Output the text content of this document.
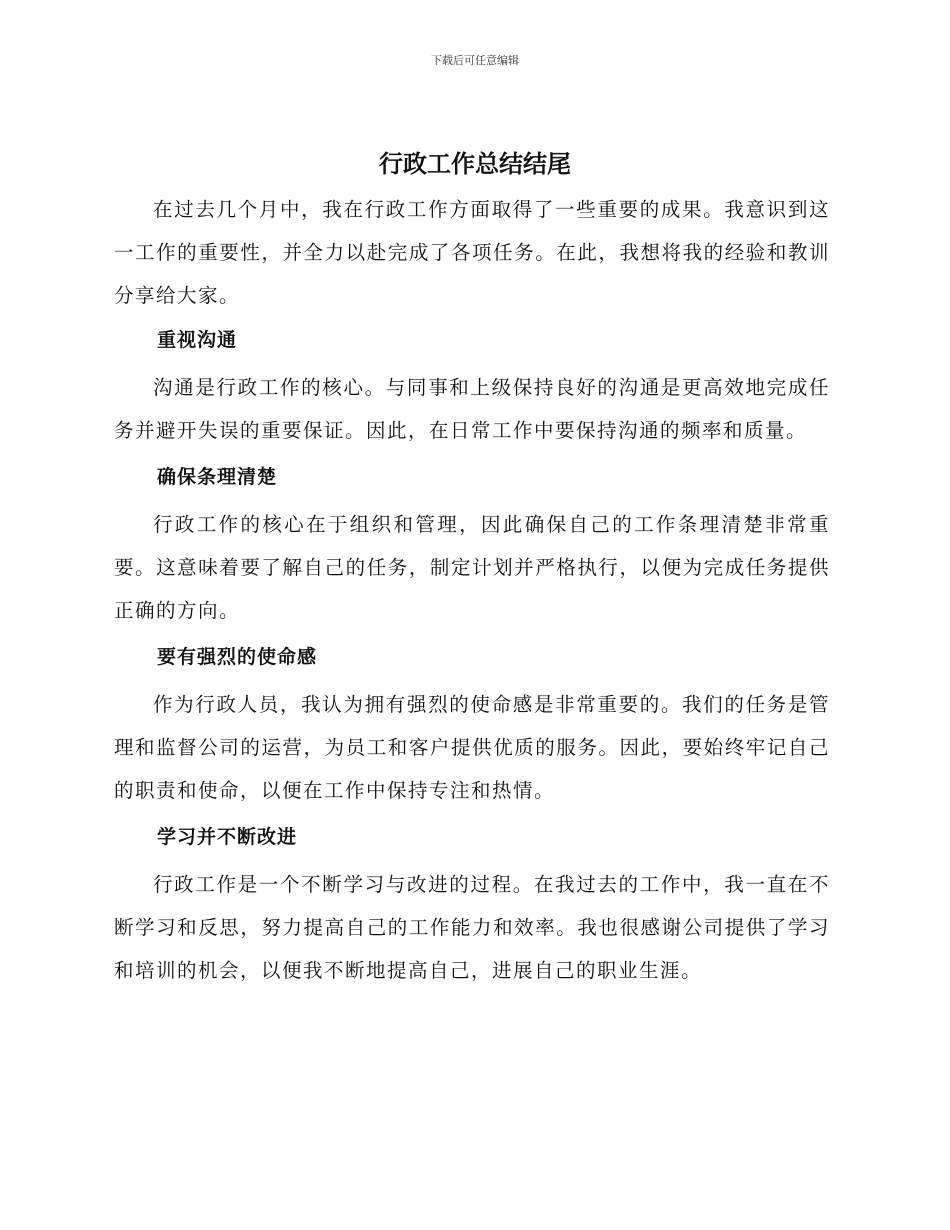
下载后可任意编辑
行政工作总结结尾

在过去几个月中，我在行政工作方面取得了一些重要的成果。我意识到这一工作的重要性，并全力以赴完成了各项任务。在此，我想将我的经验和教训分享给大家。

重视沟通

沟通是行政工作的核心。与同事和上级保持良好的沟通是更高效地完成任务并避开失误的重要保证。因此，在日常工作中要保持沟通的频率和质量。

确保条理清楚

行政工作的核心在于组织和管理，因此确保自己的工作条理清楚非常重要。这意味着要了解自己的任务，制定计划并严格执行，以便为完成任务提供正确的方向。

要有强烈的使命感

作为行政人员，我认为拥有强烈的使命感是非常重要的。我们的任务是管理和监督公司的运营，为员工和客户提供优质的服务。因此，要始终牢记自己的职责和使命，以便在工作中保持专注和热情。

学习并不断改进

行政工作是一个不断学习与改进的过程。在我过去的工作中，我一直在不断学习和反思，努力提高自己的工作能力和效率。我也很感谢公司提供了学习和培训的机会，以便我不断地提高自己，进展自己的职业生涯。
